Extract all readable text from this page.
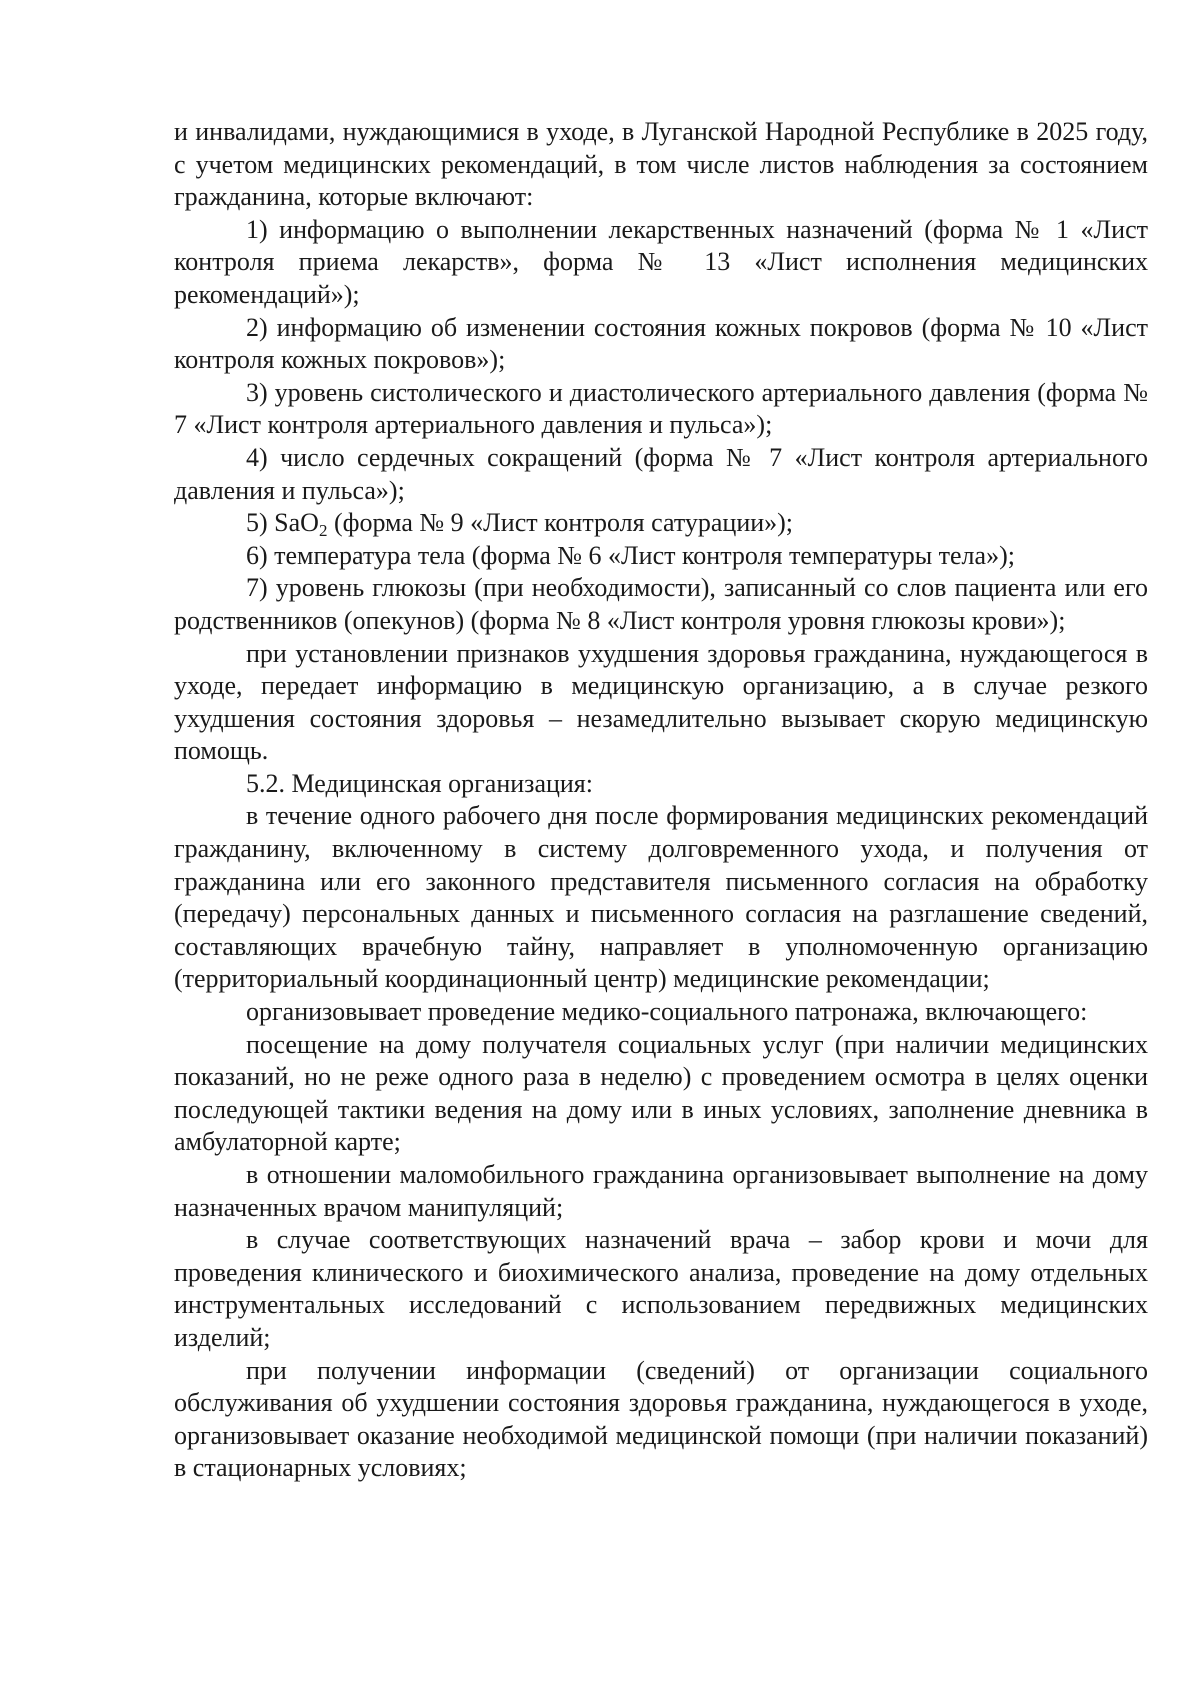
и инвалидами, нуждающимися в уходе, в Луганской Народной Республике в 2025 году, с учетом медицинских рекомендаций, в том числе листов наблюдения за состоянием гражданина, которые включают:

1) информацию о выполнении лекарственных назначений (форма № 1 «Лист контроля приема лекарств», форма № 13 «Лист исполнения медицинских рекомендаций»);

2) информацию об изменении состояния кожных покровов (форма № 10 «Лист контроля кожных покровов»);

3) уровень систолического и диастолического артериального давления (форма № 7 «Лист контроля артериального давления и пульса»);

4) число сердечных сокращений (форма № 7 «Лист контроля артериального давления и пульса»);

5) SaO$_2$ (форма № 9 «Лист контроля сатурации»);

6) температура тела (форма № 6 «Лист контроля температуры тела»);

7) уровень глюкозы (при необходимости), записанный со слов пациента или его родственников (опекунов) (форма № 8 «Лист контроля уровня глюкозы крови»);

при установлении признаков ухудшения здоровья гражданина, нуждающегося в уходе, передает информацию в медицинскую организацию, а в случае резкого ухудшения состояния здоровья – незамедлительно вызывает скорую медицинскую помощь.

5.2. Медицинская организация:

в течение одного рабочего дня после формирования медицинских рекомендаций гражданину, включенному в систему долговременного ухода, и получения от гражданина или его законного представителя письменного согласия на обработку (передачу) персональных данных и письменного согласия на разглашение сведений, составляющих врачебную тайну, направляет в уполномоченную организацию (территориальный координационный центр) медицинские рекомендации;

организовывает проведение медико-социального патронажа, включающего:

посещение на дому получателя социальных услуг (при наличии медицинских показаний, но не реже одного раза в неделю) с проведением осмотра в целях оценки последующей тактики ведения на дому или в иных условиях, заполнение дневника в амбулаторной карте;

в отношении маломобильного гражданина организовывает выполнение на дому назначенных врачом манипуляций;

в случае соответствующих назначений врача – забор крови и мочи для проведения клинического и биохимического анализа, проведение на дому отдельных инструментальных исследований с использованием передвижных медицинских изделий;

при получении информации (сведений) от организации социального обслуживания об ухудшении состояния здоровья гражданина, нуждающегося в уходе, организовывает оказание необходимой медицинской помощи (при наличии показаний) в стационарных условиях;
